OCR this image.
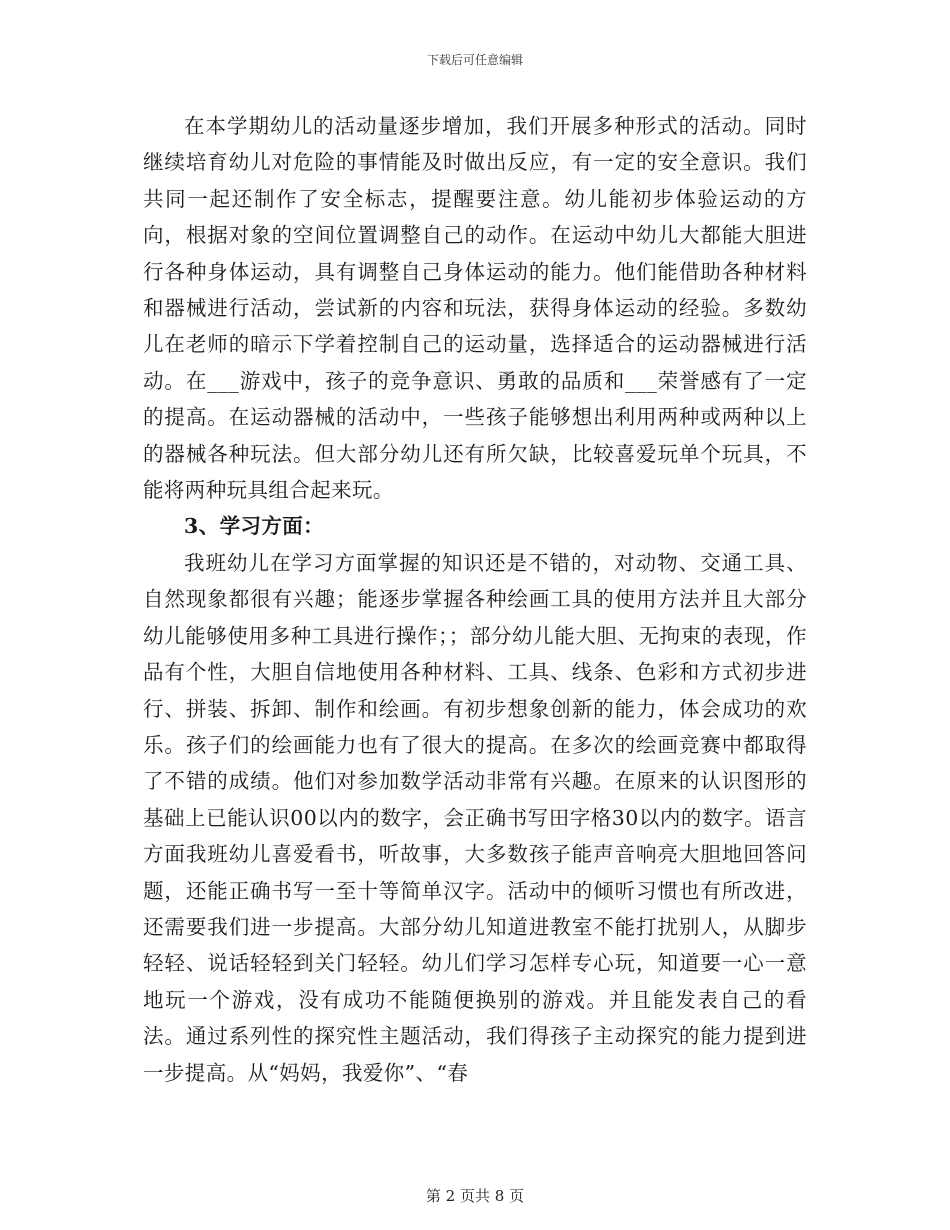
下载后可任意编辑

在本学期幼儿的活动量逐步增加，我们开展多种形式的活动。同时继续培育幼儿对危险的事情能及时做出反应，有一定的安全意识。我们共同一起还制作了安全标志，提醒要注意。幼儿能初步体验运动的方向，根据对象的空间位置调整自己的动作。在运动中幼儿大都能大胆进行各种身体运动，具有调整自己身体运动的能力。他们能借助各种材料和器械进行活动，尝试新的内容和玩法，获得身体运动的经验。多数幼儿在老师的暗示下学着控制自己的运动量，选择适合的运动器械进行活动。在___游戏中，孩子的竞争意识、勇敢的品质和___荣誉感有了一定的提高。在运动器械的活动中，一些孩子能够想出利用两种或两种以上的器械各种玩法。但大部分幼儿还有所欠缺，比较喜爱玩单个玩具，不能将两种玩具组合起来玩。

3、学习方面：

我班幼儿在学习方面掌握的知识还是不错的，对动物、交通工具、自然现象都很有兴趣；能逐步掌握各种绘画工具的使用方法并且大部分幼儿能够使用多种工具进行操作；；部分幼儿能大胆、无拘束的表现，作品有个性，大胆自信地使用各种材料、工具、线条、色彩和方式初步进行、拼装、拆卸、制作和绘画。有初步想象创新的能力，体会成功的欢乐。孩子们的绘画能力也有了很大的提高。在多次的绘画竞赛中都取得了不错的成绩。他们对参加数学活动非常有兴趣。在原来的认识图形的基础上已能认识00以内的数字，会正确书写田字格30以内的数字。语言方面我班幼儿喜爱看书，听故事，大多数孩子能声音响亮大胆地回答问题，还能正确书写一至十等简单汉字。活动中的倾听习惯也有所改进，还需要我们进一步提高。大部分幼儿知道进教室不能打扰别人，从脚步轻轻、说话轻轻到关门轻轻。幼儿们学习怎样专心玩，知道要一心一意地玩一个游戏，没有成功不能随便换别的游戏。并且能发表自己的看法。通过系列性的探究性主题活动，我们得孩子主动探究的能力提到进一步提高。从“妈妈，我爱你”、“春

第 2 页共 8 页
